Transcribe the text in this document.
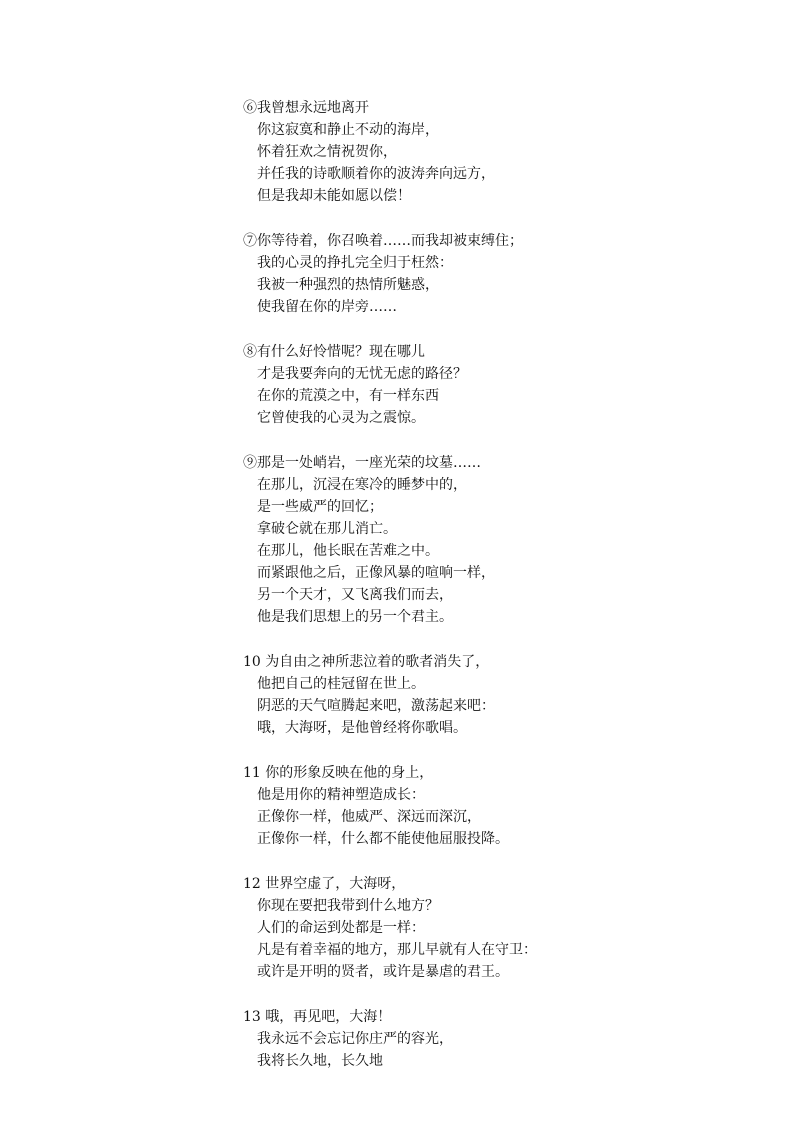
⑥我曾想永远地离开
你这寂寞和静止不动的海岸，
怀着狂欢之情祝贺你，
并任我的诗歌顺着你的波涛奔向远方，
但是我却未能如愿以偿！
⑦你等待着，你召唤着……而我却被束缚住；
我的心灵的挣扎完全归于枉然：
我被一种强烈的热情所魅惑，
使我留在你的岸旁……
⑧有什么好怜惜呢？现在哪儿
才是我要奔向的无忧无虑的路径？
在你的荒漠之中，有一样东西
它曾使我的心灵为之震惊。
⑨那是一处峭岩，一座光荣的坟墓……
在那儿，沉浸在寒冷的睡梦中的，
是一些威严的回忆；
拿破仑就在那儿消亡。
在那儿，他长眠在苦难之中。
而紧跟他之后，正像风暴的喧响一样，
另一个天才，又飞离我们而去，
他是我们思想上的另一个君主。
10 为自由之神所悲泣着的歌者消失了，
他把自己的桂冠留在世上。
阴恶的天气喧腾起来吧，激荡起来吧：
哦，大海呀，是他曾经将你歌唱。
11 你的形象反映在他的身上，
他是用你的精神塑造成长：
正像你一样，他威严、深远而深沉，
正像你一样，什么都不能使他屈服投降。
12 世界空虚了，大海呀，
你现在要把我带到什么地方？
人们的命运到处都是一样：
凡是有着幸福的地方，那儿早就有人在守卫：
或许是开明的贤者，或许是暴虐的君王。
13 哦，再见吧，大海！
我永远不会忘记你庄严的容光，
我将长久地，长久地
